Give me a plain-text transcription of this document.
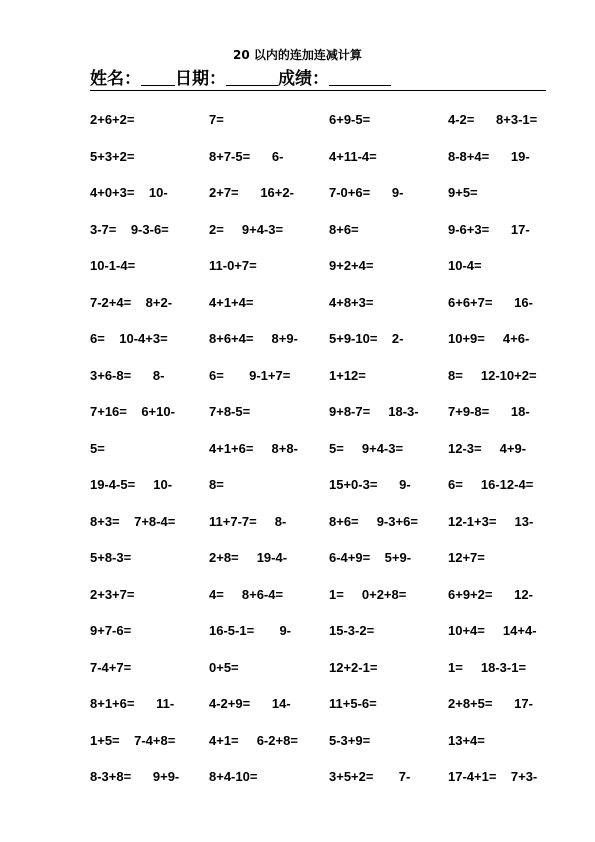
20 以内的连加连减计算
姓名： 日期：	成绩：
2+6+2=
5+3+2=
4+0+3=    10-
3-7=    9-3-6=
10-1-4=
7-2+4=    8+2-
6=    10-4+3=
3+6-8=      8-
7+16=    6+10-
5=
19-4-5=     10-
8+3=    7+8-4=
5+8-3=
2+3+7=
9+7-6=
7-4+7=
8+1+6=      11-
1+5=    7-4+8=
8-3+8=      9+9-
7=
8+7-5=      6-
2+7=      16+2-
2=     9+4-3=
11-0+7=
4+1+4=
8+6+4=     8+9-
6=       9-1+7=
7+8-5=
4+1+6=     8+8-
8=
11+7-7=     8-
2+8=     19-4-
4=     8+6-4=
16-5-1=       9-
0+5=
4-2+9=      14-
4+1=     6-2+8=
8+4-10=
6+9-5=
4+11-4=
7-0+6=      9-
8+6=
9+2+4=
4+8+3=
5+9-10=    2-
1+12=
9+8-7=     18-3-
5=     9+4-3=
15+0-3=      9-
8+6=     9-3+6=
6-4+9=    5+9-
1=     0+2+8=
15-3-2=
12+2-1=
11+5-6=
5-3+9=
3+5+2=       7-
4-2=      8+3-1=
8-8+4=      19-
9+5=
9-6+3=      17-
10-4=
6+6+7=      16-
10+9=     4+6-
8=     12-10+2=
7+9-8=      18-
12-3=     4+9-
6=     16-12-4=
12-1+3=     13-
12+7=
6+9+2=      12-
10+4=     14+4-
1=     18-3-1=
2+8+5=      17-
13+4=
17-4+1=    7+3-
